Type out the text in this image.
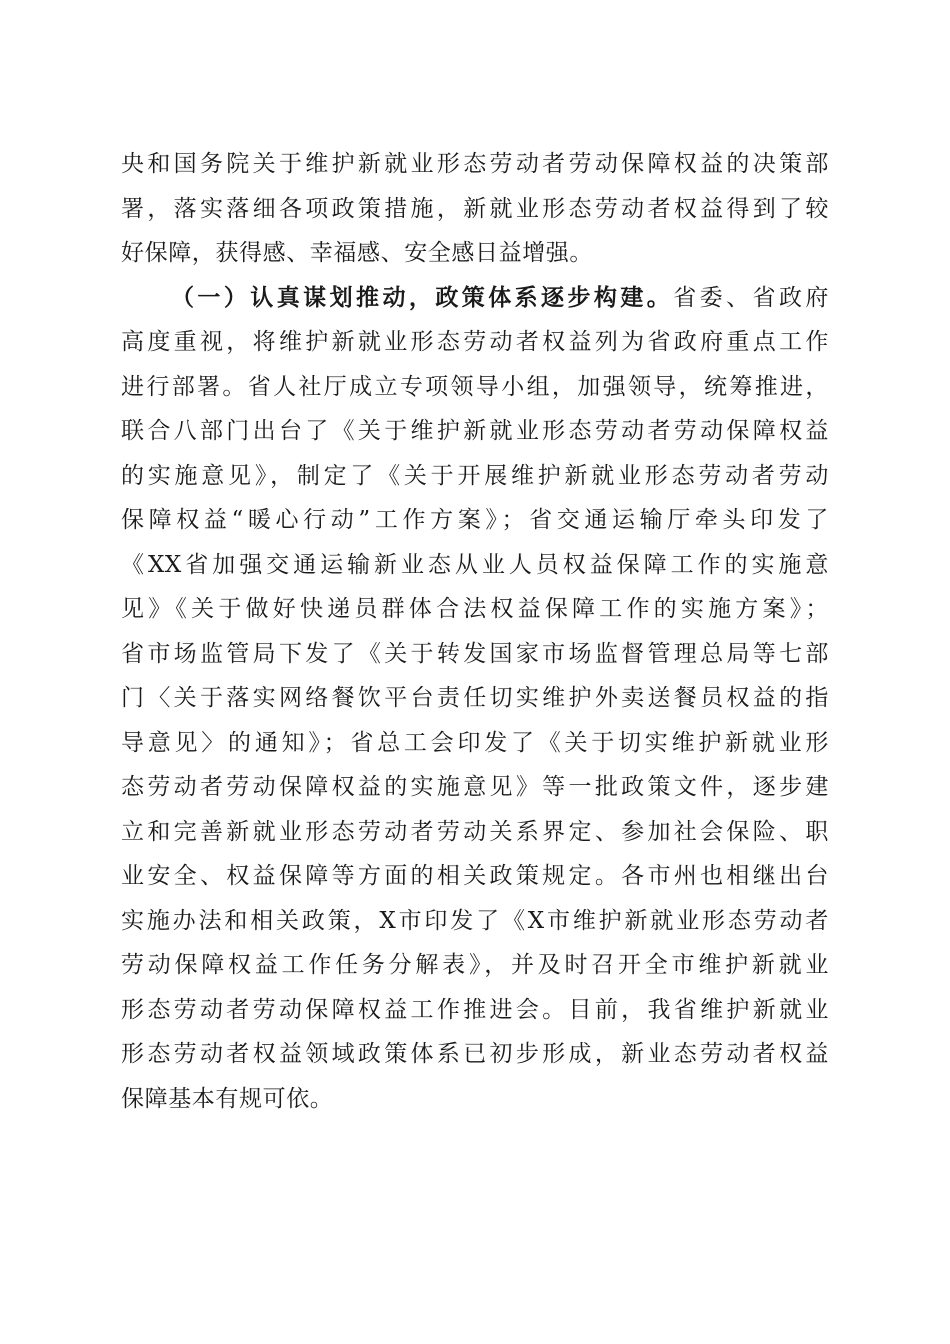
央和国务院关于维护新就业形态劳动者劳动保障权益的决策部
署，落实落细各项政策措施，新就业形态劳动者权益得到了较
好保障，获得感、幸福感、安全感日益增强。
（一）认真谋划推动，政策体系逐步构建。省委、省政府
高度重视，将维护新就业形态劳动者权益列为省政府重点工作
进行部署。省人社厅成立专项领导小组，加强领导，统筹推进，
联合八部门出台了《关于维护新就业形态劳动者劳动保障权益
的实施意见》，制定了《关于开展维护新就业形态劳动者劳动
保障权益“暖心行动”工作方案》；省交通运输厅牵头印发了
《XX省加强交通运输新业态从业人员权益保障工作的实施意
见》《关于做好快递员群体合法权益保障工作的实施方案》；
省市场监管局下发了《关于转发国家市场监督管理总局等七部
门〈关于落实网络餐饮平台责任切实维护外卖送餐员权益的指
导意见〉的通知》；省总工会印发了《关于切实维护新就业形
态劳动者劳动保障权益的实施意见》等一批政策文件，逐步建
立和完善新就业形态劳动者劳动关系界定、参加社会保险、职
业安全、权益保障等方面的相关政策规定。各市州也相继出台
实施办法和相关政策，X市印发了《X市维护新就业形态劳动者
劳动保障权益工作任务分解表》，并及时召开全市维护新就业
形态劳动者劳动保障权益工作推进会。目前，我省维护新就业
形态劳动者权益领域政策体系已初步形成，新业态劳动者权益
保障基本有规可依。
